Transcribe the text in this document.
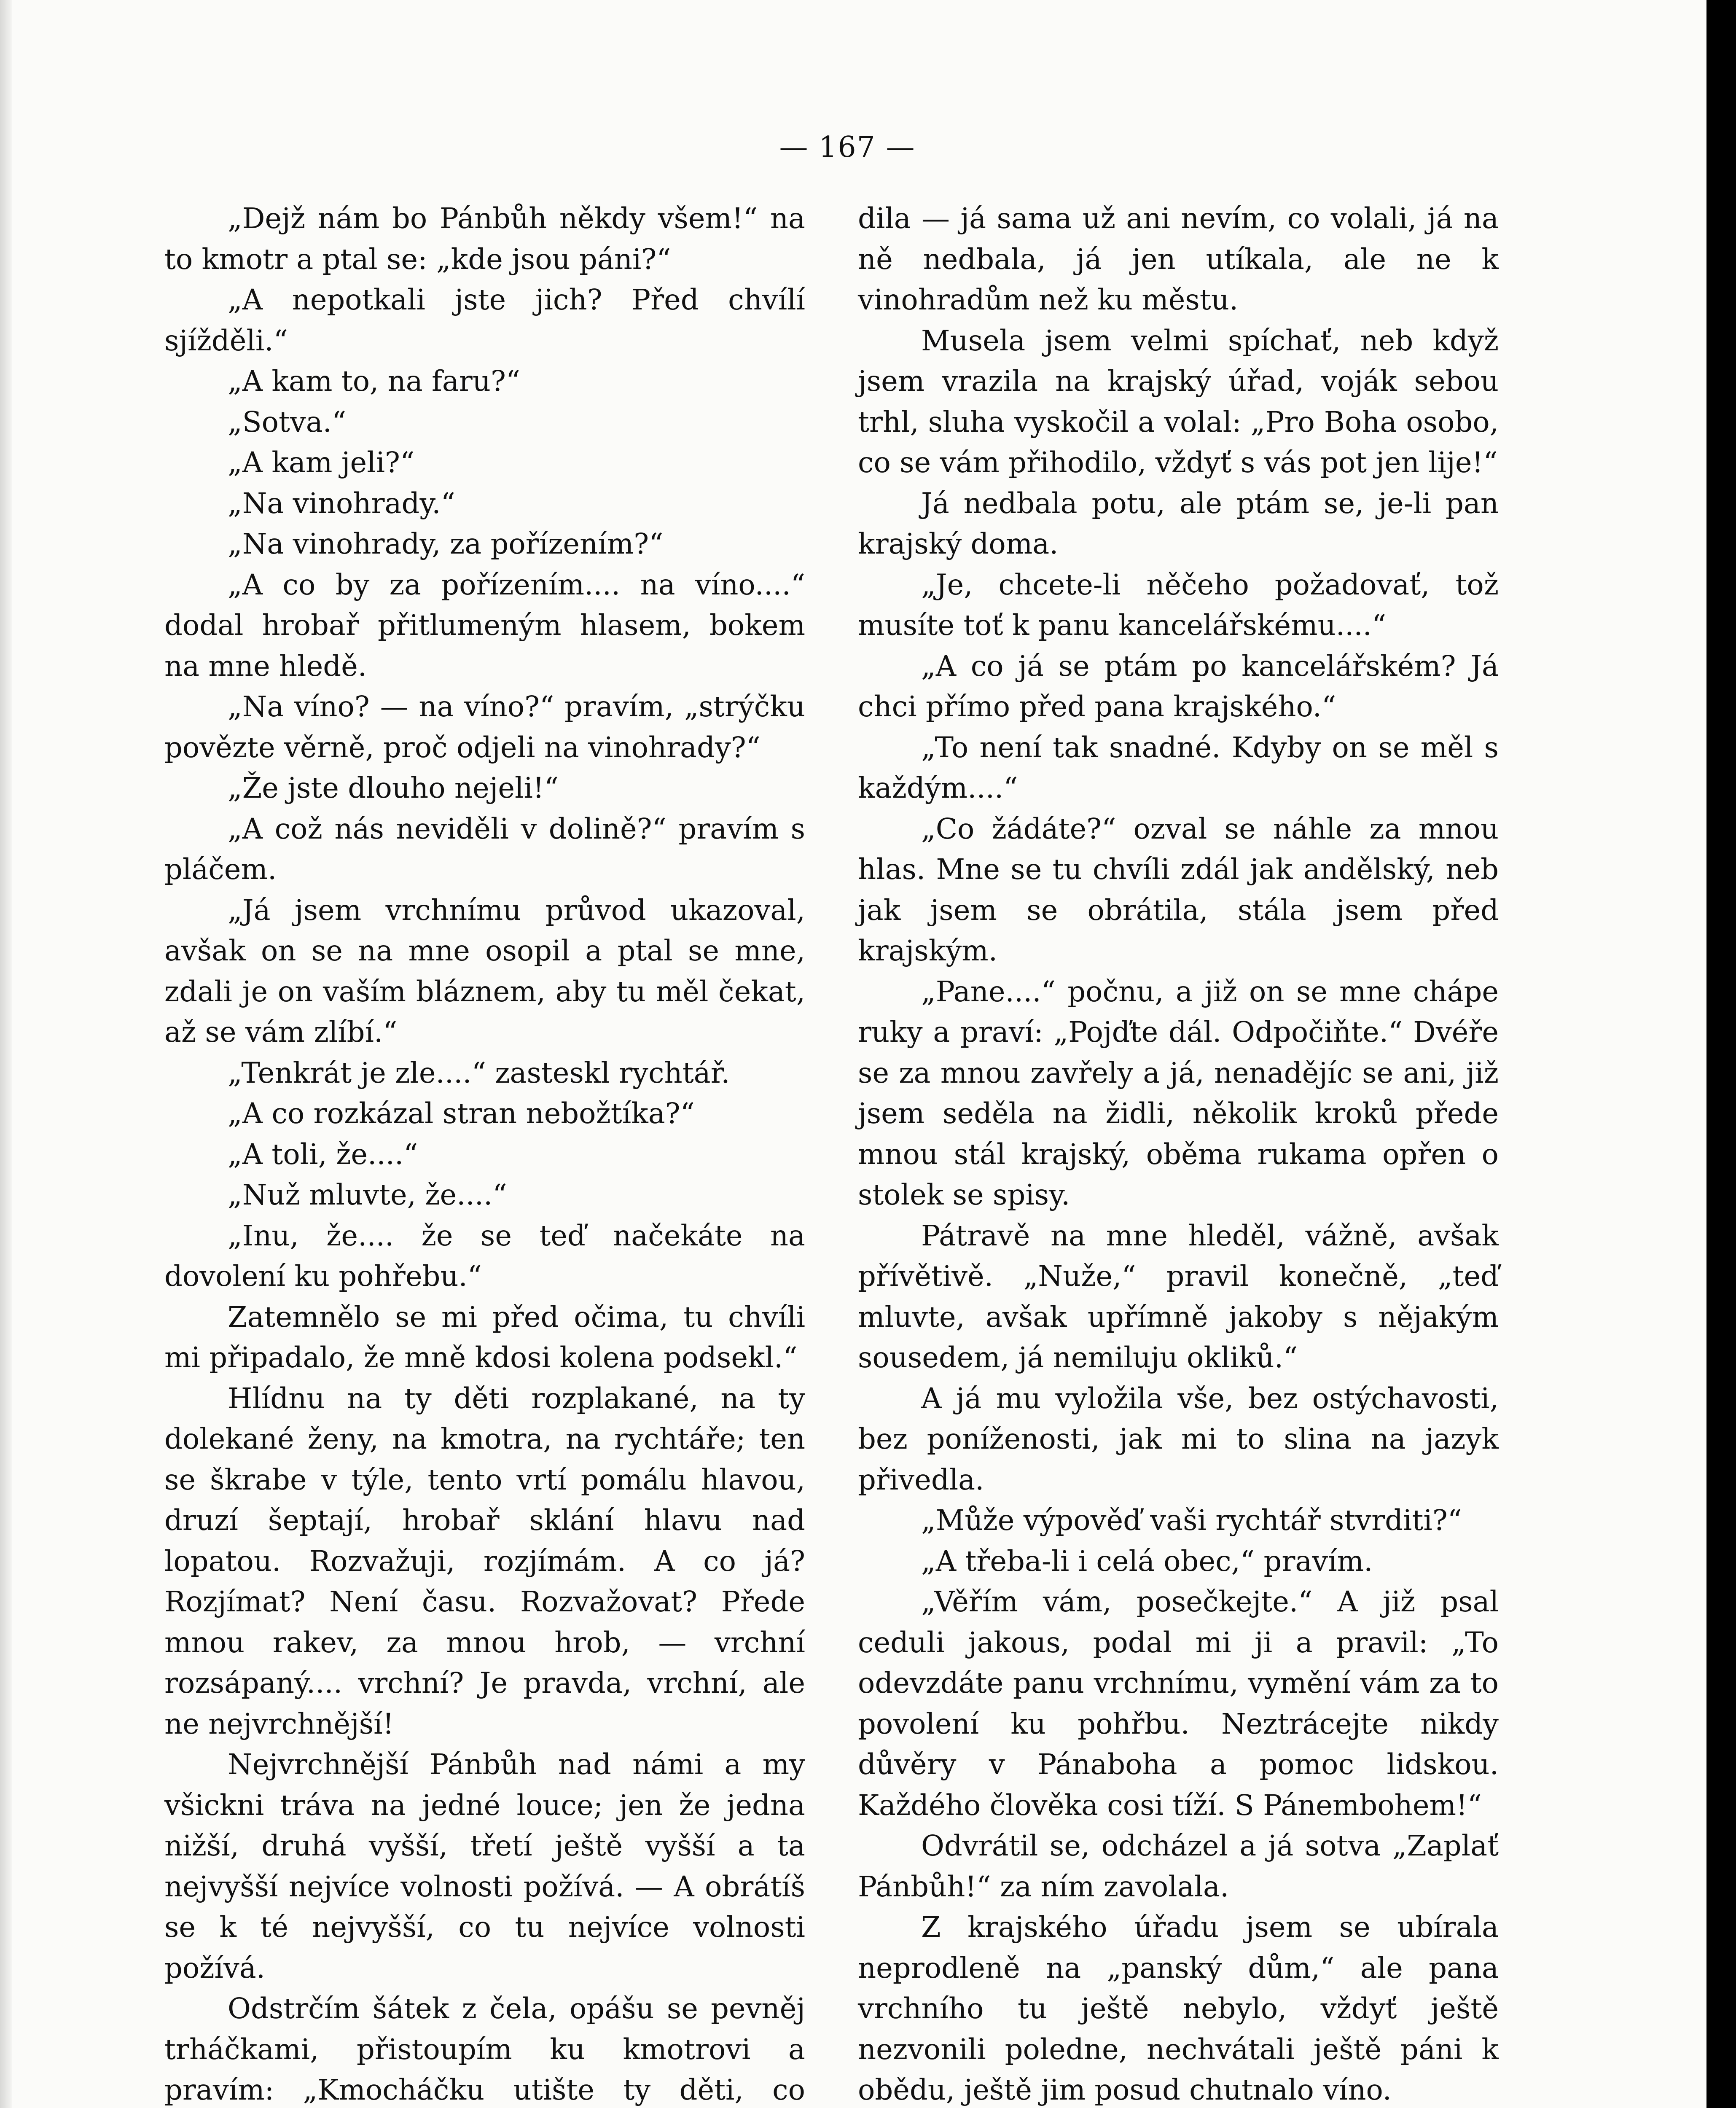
— 167 —

„Dejž nám bo Pánbůh někdy všem!“ na to kmotr a ptal se: „kde jsou páni?“

„A nepotkali jste jich? Před chvílí sjížděli.“

„A kam to, na faru?“

„Sotva.“

„A kam jeli?“

„Na vinohrady.“

„Na vinohrady, za pořízením?“

„A co by za pořízením.... na víno....“ dodal hrobař přitlumeným hlasem, bokem na mne hledě.

„Na víno? — na víno?“ pravím, „strýčku povězte věrně, proč odjeli na vinohrady?“

„Že jste dlouho nejeli!“

„A což nás neviděli v dolině?“ pravím s pláčem.

„Já jsem vrchnímu průvod ukazoval, avšak on se na mne osopil a ptal se mne, zdali je on vaším bláznem, aby tu měl čekat, až se vám zlíbí.“

„Tenkrát je zle....“ zasteskl rychtář.

„A co rozkázal stran nebožtíka?“

„A toli, že....“

„Nuž mluvte, že....“

„Inu, že.... že se teď načekáte na dovolení ku pohřebu.“

Zatemnělo se mi před očima, tu chvíli mi připadalo, že mně kdosi kolena podsekl.“

Hlídnu na ty děti rozplakané, na ty dolekané ženy, na kmotra, na rychtáře; ten se škrabe v týle, tento vrtí pomálu hlavou, druzí šeptají, hrobař sklání hlavu nad lopatou. Rozvažuji, rozjímám. A co já? Rozjímat? Není času. Rozvažovat? Přede mnou rakev, za mnou hrob, — vrchní rozsápaný.... vrchní? Je pravda, vrchní, ale ne nejvrchnější!

Nejvrchnější Pánbůh nad námi a my všickni tráva na jedné louce; jen že jedna nižší, druhá vyšší, třetí ještě vyšší a ta nejvyšší nejvíce volnosti požívá. — A obrátíš se k té nejvyšší, co tu nejvíce volnosti požívá.

Odstrčím šátek z čela, opášu se pevněj trháčkami, přistoupím ku kmotrovi a pravím: „Kmocháčku utište ty děti, co

dila — já sama už ani nevím, co volali, já na ně nedbala, já jen utíkala, ale ne k vinohradům než ku městu.

Musela jsem velmi spíchať, neb když jsem vrazila na krajský úřad, voják sebou trhl, sluha vyskočil a volal: „Pro Boha osobo, co se vám přihodilo, vždyť s vás pot jen lije!“

Já nedbala potu, ale ptám se, je-li pan krajský doma.

„Je, chcete-li něčeho požadovať, tož musíte toť k panu kancelářskému....“

„A co já se ptám po kancelářském? Já chci přímo před pana krajského.“

„To není tak snadné. Kdyby on se měl s každým....“

„Co žádáte?“ ozval se náhle za mnou hlas. Mne se tu chvíli zdál jak andělský, neb jak jsem se obrátila, stála jsem před krajským.

„Pane....“ počnu, a již on se mne chápe ruky a praví: „Pojďte dál. Odpočiňte.“ Dvéře se za mnou zavřely a já, nenadějíc se ani, již jsem seděla na židli, několik kroků přede mnou stál krajský, oběma rukama opřen o stolek se spisy.

Pátravě na mne hleděl, vážně, avšak přívětivě. „Nuže,“ pravil konečně, „teď mluvte, avšak upřímně jakoby s nějakým sousedem, já nemiluju okliků.“

A já mu vyložila vše, bez ostýchavosti, bez poníženosti, jak mi to slina na jazyk přivedla.

„Může výpověď vaši rychtář stvrditi?“

„A třeba-li i celá obec,“ pravím.

„Věřím vám, posečkejte.“ A již psal ceduli jakous, podal mi ji a pravil: „To odevzdáte panu vrchnímu, vymění vám za to povolení ku pohřbu. Neztrácejte nikdy důvěry v Pánaboha a pomoc lidskou. Každého člověka cosi tíží. S Pánembohem!“

Odvrátil se, odcházel a já sotva „Zaplať Pánbůh!“ za ním zavolala.

Z krajského úřadu jsem se ubírala neprodleně na „panský dům,“ ale pana vrchního tu ještě nebylo, vždyť ještě nezvonili poledne, nechvátali ještě páni k obědu, ještě jim posud chutnalo víno.
